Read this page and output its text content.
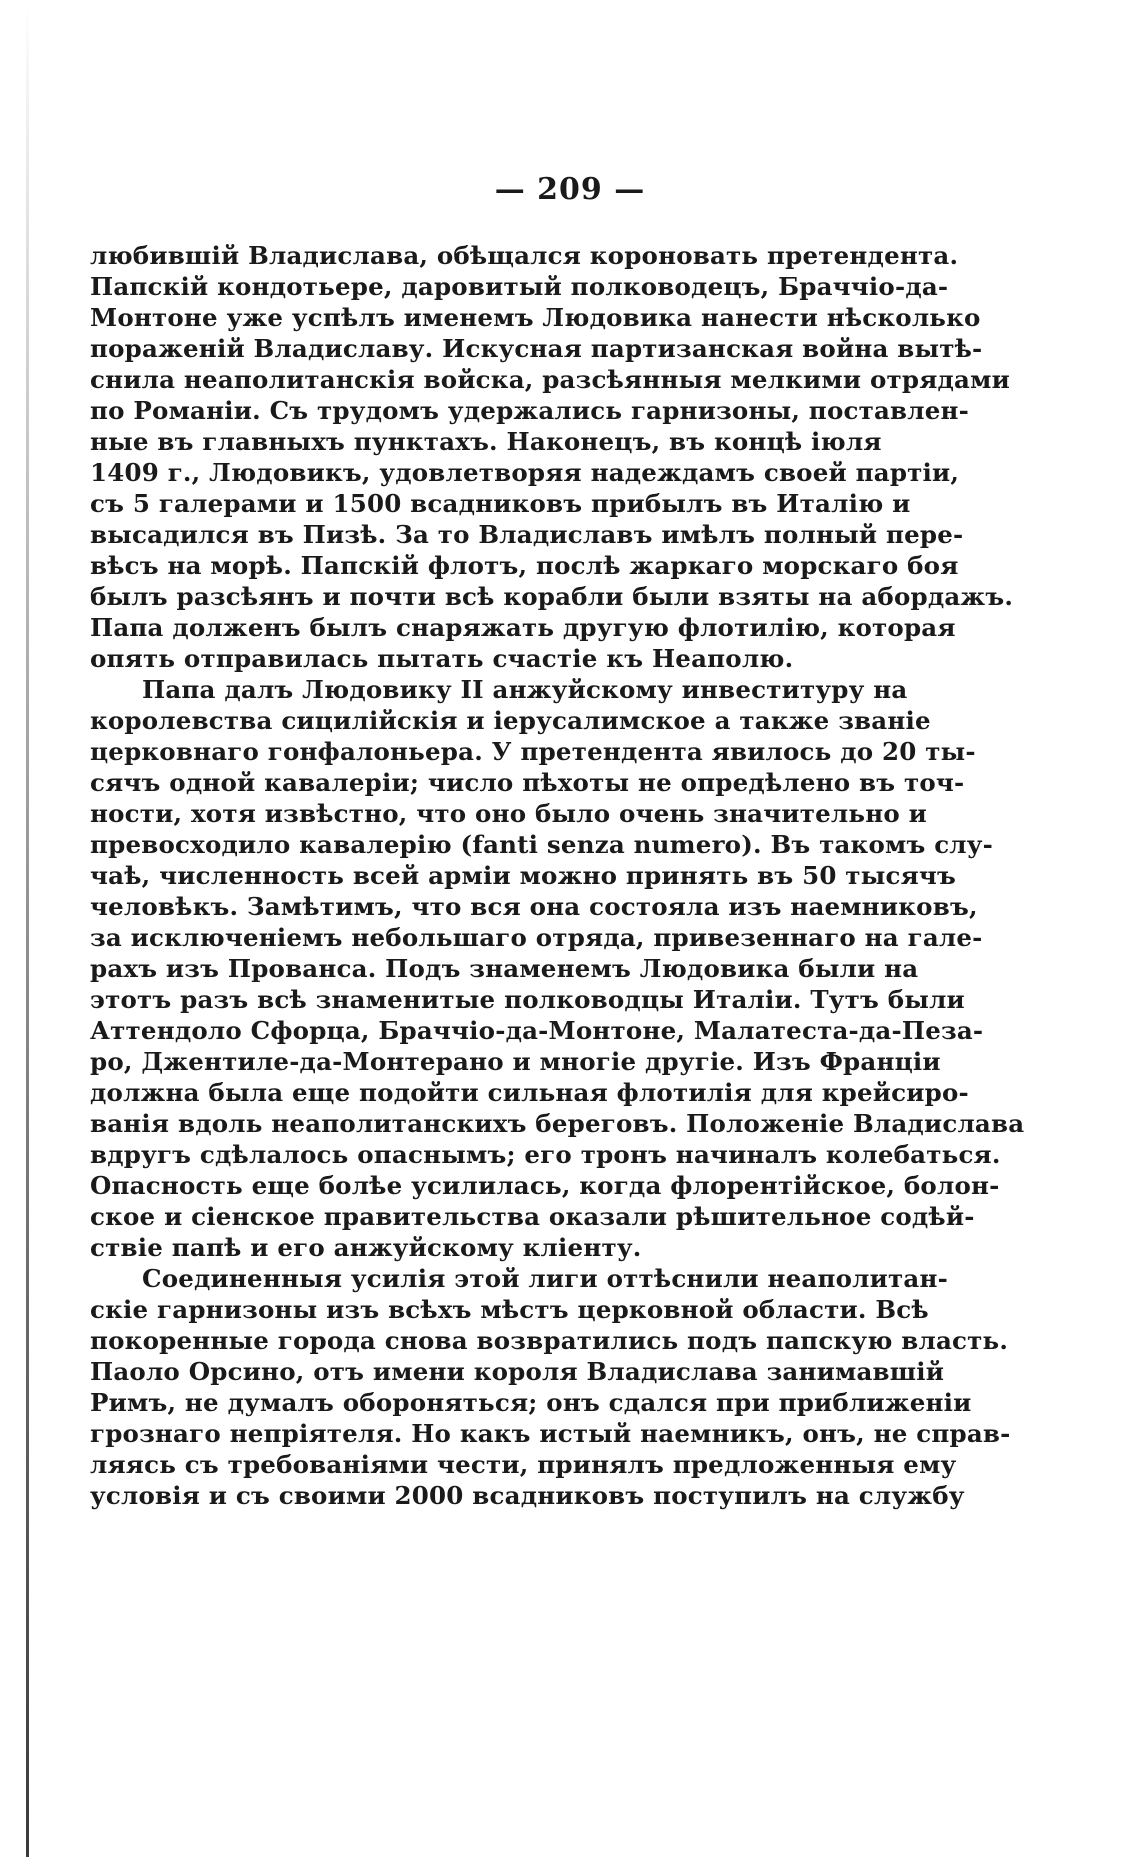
— 209 —
любившій Владислава, обѣщался короновать претендента.
Папскій кондотьере, даровитый полководецъ, Браччіо-да-
Монтоне уже успѣлъ именемъ Людовика нанести нѣсколько
пораженій Владиславу. Искусная партизанская война вытѣ-
снила неаполитанскія войска, разсѣянныя мелкими отрядами
по Романіи. Съ трудомъ удержались гарнизоны, поставлен-
ные въ главныхъ пунктахъ. Наконецъ, въ концѣ іюля
1409 г., Людовикъ, удовлетворяя надеждамъ своей партіи,
съ 5 галерами и 1500 всадниковъ прибылъ въ Италію и
высадился въ Пизѣ. За то Владиславъ имѣлъ полный пере-
вѣсъ на морѣ. Папскій флотъ, послѣ жаркаго морскаго боя
былъ разсѣянъ и почти всѣ корабли были взяты на абордажъ.
Папа долженъ былъ снаряжать другую флотилію, которая
опять отправилась пытать счастіе къ Неаполю.
Папа далъ Людовику II анжуйскому инвеституру на
королевства сицилійскія и іерусалимское а также званіе
церковнаго гонфалоньера. У претендента явилось до 20 ты-
сячъ одной кавалеріи; число пѣхоты не опредѣлено въ точ-
ности, хотя извѣстно, что оно было очень значительно и
превосходило кавалерію (fanti senza numero). Въ такомъ слу-
чаѣ, численность всей арміи можно принять въ 50 тысячъ
человѣкъ. Замѣтимъ, что вся она состояла изъ наемниковъ,
за исключеніемъ небольшаго отряда, привезеннаго на гале-
рахъ изъ Прованса. Подъ знаменемъ Людовика были на
этотъ разъ всѣ знаменитые полководцы Италіи. Тутъ были
Аттендоло Сфорца, Браччіо-да-Монтоне, Малатеста-да-Пеза-
ро, Джентиле-да-Монтерано и многіе другіе. Изъ Франціи
должна была еще подойти сильная флотилія для крейсиро-
ванія вдоль неаполитанскихъ береговъ. Положеніе Владислава
вдругъ сдѣлалось опаснымъ; его тронъ начиналъ колебаться.
Опасность еще болѣе усилилась, когда флорентійское, болон-
ское и сіенское правительства оказали рѣшительное содѣй-
ствіе папѣ и его анжуйскому кліенту.
Соединенныя усилія этой лиги оттѣснили неаполитан-
скіе гарнизоны изъ всѣхъ мѣстъ церковной области. Всѣ
покоренные города снова возвратились подъ папскую власть.
Паоло Орсино, отъ имени короля Владислава занимавшій
Римъ, не думалъ обороняться; онъ сдался при приближеніи
грознаго непріятеля. Но какъ истый наемникъ, онъ, не справ-
ляясь съ требованіями чести, принялъ предложенныя ему
условія и съ своими 2000 всадниковъ поступилъ на службу
